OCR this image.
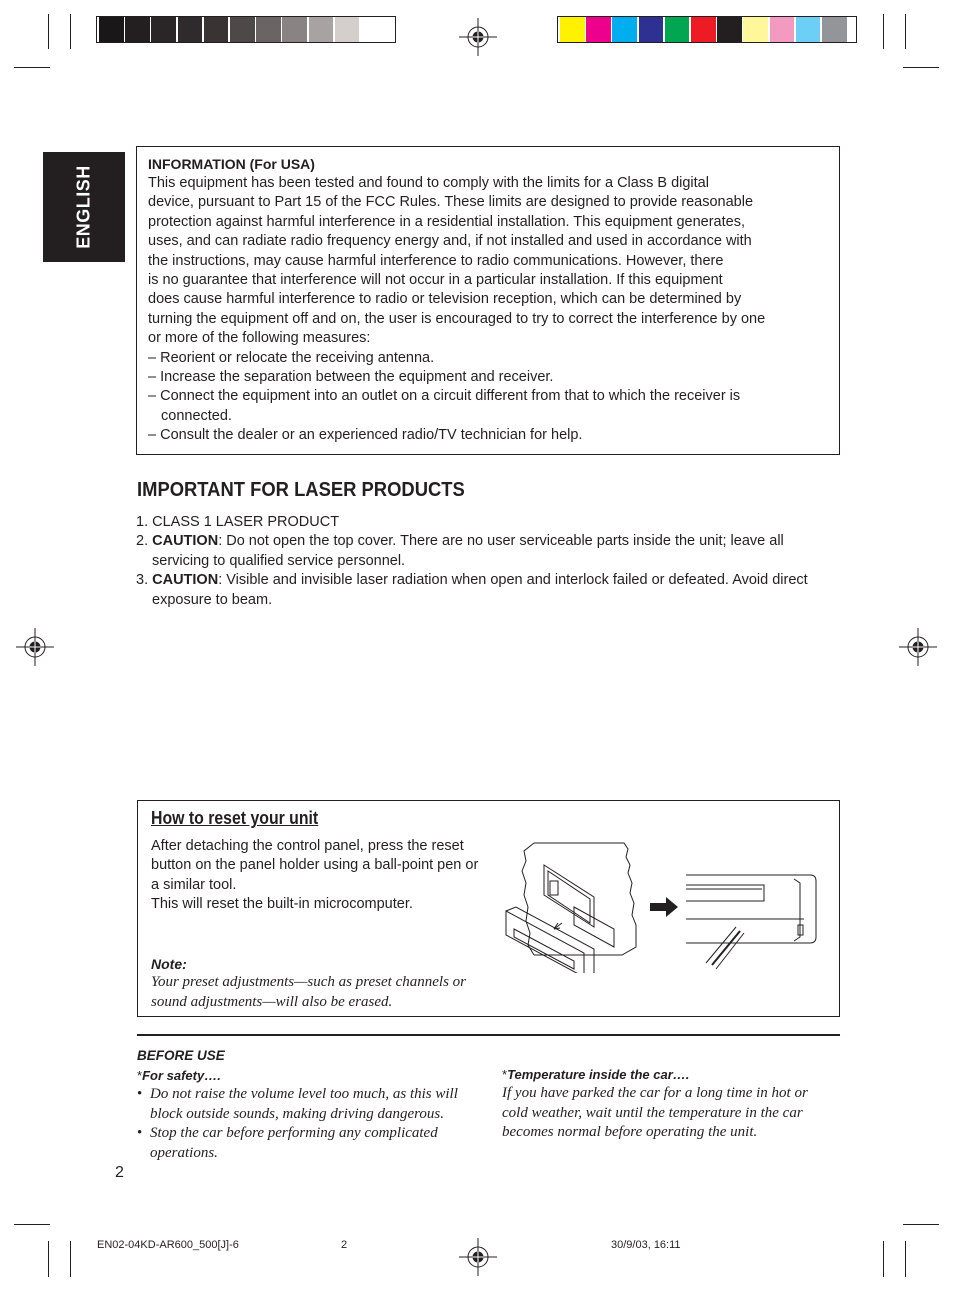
ENGLISH
INFORMATION (For USA)
This equipment has been tested and found to comply with the limits for a Class B digital
device, pursuant to Part 15 of the FCC Rules. These limits are designed to provide reasonable
protection against harmful interference in a residential installation. This equipment generates,
uses, and can radiate radio frequency energy and, if not installed and used in accordance with
the instructions, may cause harmful interference to radio communications. However, there
is no guarantee that interference will not occur in a particular installation. If this equipment
does cause harmful interference to radio or television reception, which can be determined by
turning the equipment off and on, the user is encouraged to try to correct the interference by one
or more of the following measures:
– Reorient or relocate the receiving antenna.
– Increase the separation between the equipment and receiver.
– Connect the equipment into an outlet on a circuit different from that to which the receiver is connected.
– Consult the dealer or an experienced radio/TV technician for help.
IMPORTANT FOR LASER PRODUCTS
1. CLASS 1 LASER PRODUCT
2. CAUTION: Do not open the top cover. There are no user serviceable parts inside the unit; leave all servicing to qualified service personnel.
3. CAUTION: Visible and invisible laser radiation when open and interlock failed or defeated. Avoid direct exposure to beam.
How to reset your unit
After detaching the control panel, press the reset
button on the panel holder using a ball-point pen or
a similar tool.
This will reset the built-in microcomputer.
Note:
Your preset adjustments—such as preset channels or
sound adjustments—will also be erased.
BEFORE USE
*For safety….
• Do not raise the volume level too much, as this will block outside sounds, making driving dangerous.
• Stop the car before performing any complicated operations.
*Temperature inside the car….
If you have parked the car for a long time in hot or
cold weather, wait until the temperature in the car
becomes normal before operating the unit.
2
EN02-04KD-AR600_500[J]-6	2	30/9/03, 16:11
